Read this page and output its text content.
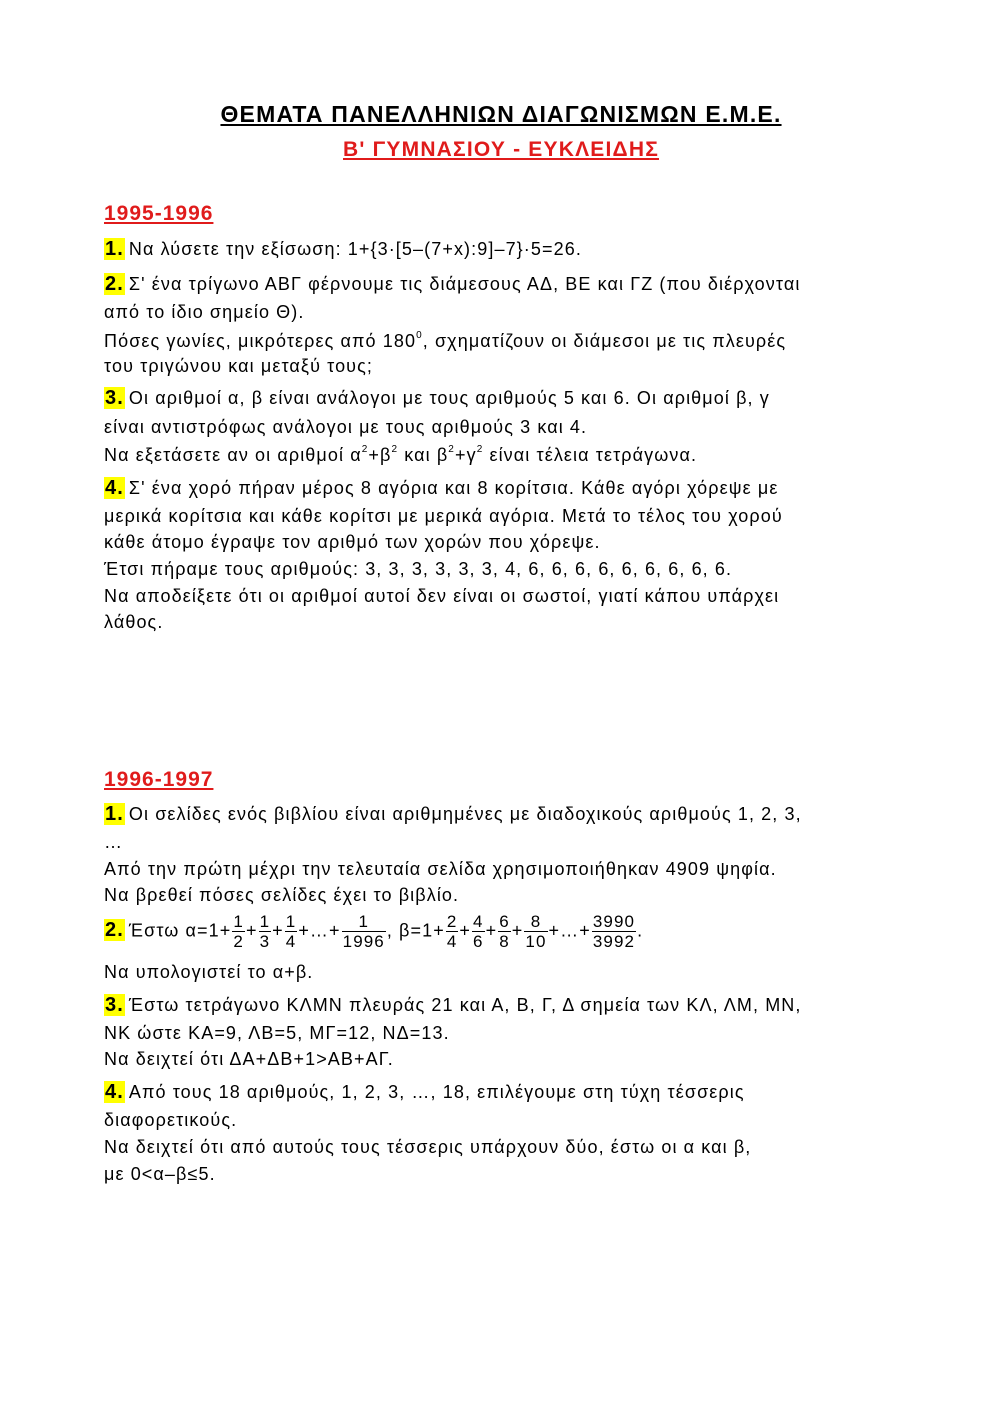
ΘΕΜΑΤΑ ΠΑΝΕΛΛΗΝΙΩΝ ΔΙΑΓΩΝΙΣΜΩΝ Ε.Μ.Ε.
Β' ΓΥΜΝΑΣΙΟΥ - ΕΥΚΛΕΙΔΗΣ
1995-1996
1. Να λύσετε την εξίσωση: 1+{3·[5–(7+x):9]–7}·5=26.
2. Σ' ένα τρίγωνο ΑΒΓ φέρνουμε τις διάμεσους ΑΔ, ΒΕ και ΓΖ (που διέρχονται
από το ίδιο σημείο Θ).
Πόσες γωνίες, μικρότερες από $180^0$, σχηματίζουν οι διάμεσοι με τις πλευρές
του τριγώνου και μεταξύ τους;
3. Οι αριθμοί α, β είναι ανάλογοι με τους αριθμούς 5 και 6. Οι αριθμοί β, γ
είναι αντιστρόφως ανάλογοι με τους αριθμούς 3 και 4.
Να εξετάσετε αν οι αριθμοί $\alpha^2+\beta^2$ και $\beta^2+\gamma^2$ είναι τέλεια τετράγωνα.
4. Σ' ένα χορό πήραν μέρος 8 αγόρια και 8 κορίτσια. Κάθε αγόρι χόρεψε με
μερικά κορίτσια και κάθε κορίτσι με μερικά αγόρια. Μετά το τέλος του χορού
κάθε άτομο έγραψε τον αριθμό των χορών που χόρεψε.
Έτσι πήραμε τους αριθμούς: 3, 3, 3, 3, 3, 3, 4, 6, 6, 6, 6, 6, 6, 6, 6, 6.
Να αποδείξετε ότι οι αριθμοί αυτοί δεν είναι οι σωστοί, γιατί κάπου υπάρχει
λάθος.
1996-1997
1. Οι σελίδες ενός βιβλίου είναι αριθμημένες με διαδοχικούς αριθμούς 1, 2, 3,
…
Από την πρώτη μέχρι την τελευταία σελίδα χρησιμοποιήθηκαν 4909 ψηφία.
Να βρεθεί πόσες σελίδες έχει το βιβλίο.
2. Έστω $\alpha=1+ \frac{1}{2} + \frac{1}{3} + \frac{1}{4}$ +…+ $\frac{1}{1996}$ , $\beta=1+ \frac{2}{4} + \frac{4}{6} + \frac{6}{8} + \frac{8}{10}$ +…+ $\frac{3990}{3992}$ .
Να υπολογιστεί το α+β.
3. Έστω τετράγωνο ΚΛΜΝ πλευράς 21 και Α, Β, Γ, Δ σημεία των ΚΛ, ΛΜ, ΜΝ,
ΝΚ ώστε ΚΑ=9, ΛΒ=5, ΜΓ=12, ΝΔ=13.
Να δειχτεί ότι ΔΑ+ΔΒ+1>ΑΒ+ΑΓ.
4. Από τους 18 αριθμούς, 1, 2, 3, …, 18, επιλέγουμε στη τύχη τέσσερις
διαφορετικούς.
Να δειχτεί ότι από αυτούς τους τέσσερις υπάρχουν δύο, έστω οι α και β,
με 0<α–β≤5.
